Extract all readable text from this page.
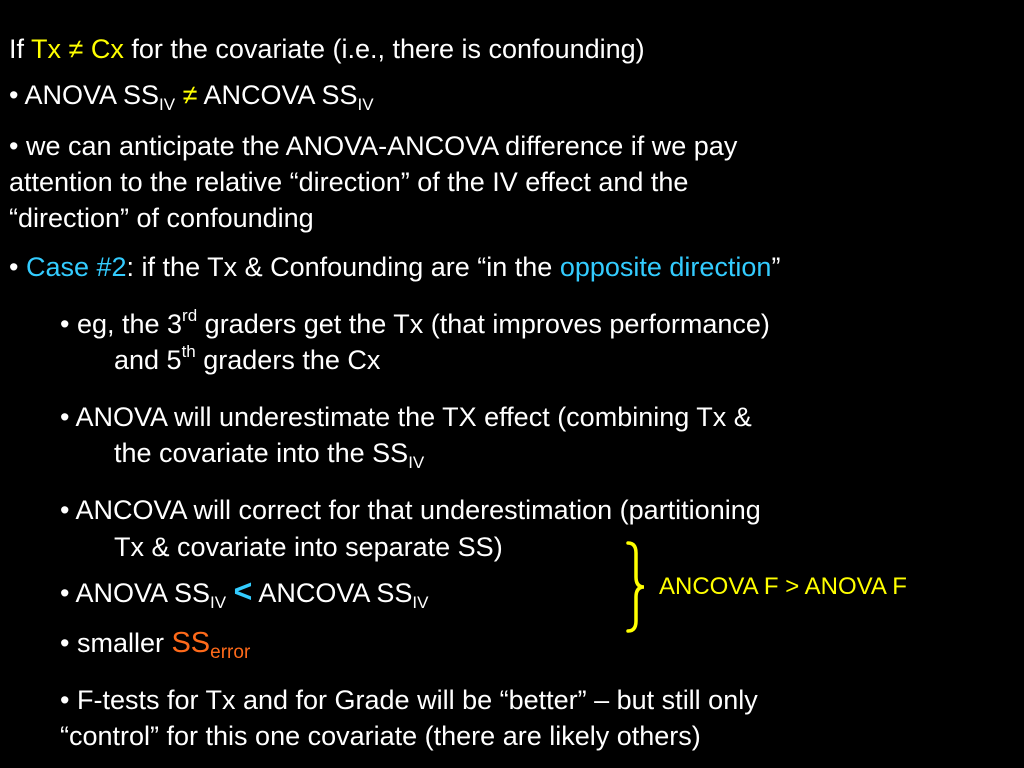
If Tx ≠ Cx for the covariate (i.e., there is confounding)
• ANOVA $SS_{IV}$ ≠ ANCOVA $SS_{IV}$
• we can anticipate the ANOVA-ANCOVA difference if we pay
attention to the relative “direction” of the IV effect and the
“direction” of confounding
• Case #2: if the Tx & Confounding are “in the opposite direction”
• eg, the 3rd graders get the Tx (that improves performance)
and 5th graders the Cx
• ANOVA will underestimate the TX effect (combining Tx &
the covariate into the $SS_{IV}$
• ANCOVA will correct for that underestimation (partitioning
Tx & covariate into separate SS)
• ANOVA $SS_{IV}$ < ANCOVA $SS_{IV}$
• smaller $SS_{error}$
• F-tests for Tx and for Grade will be “better” – but still only
“control” for this one covariate (there are likely others)
ANCOVA F > ANOVA F
